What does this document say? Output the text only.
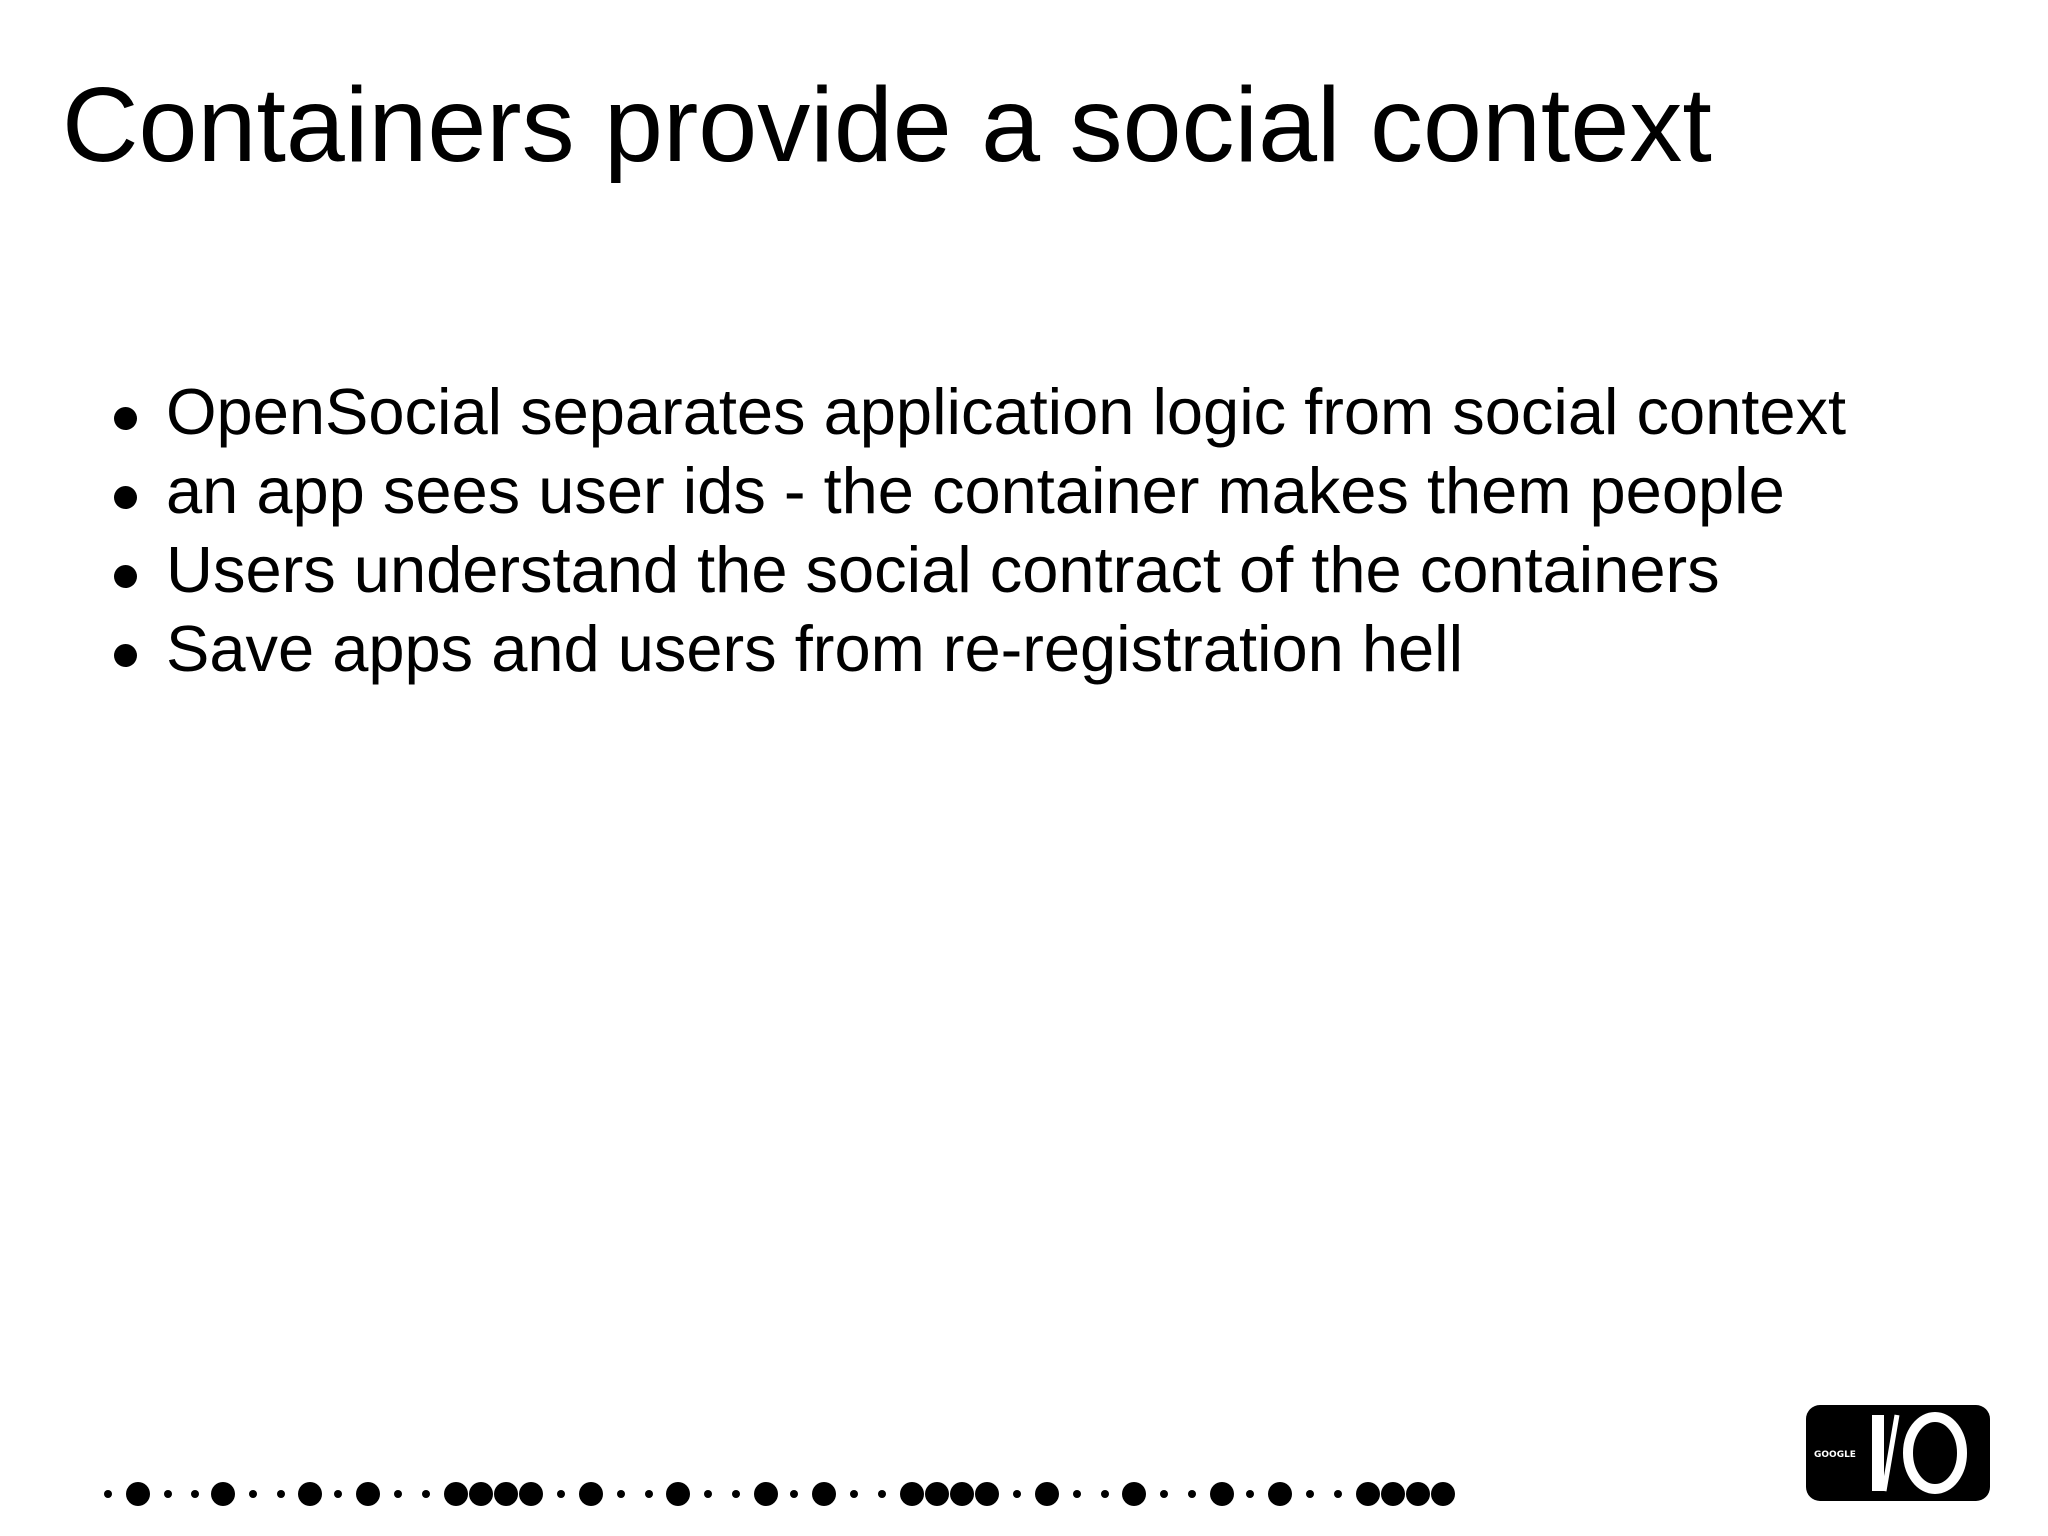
Containers provide a social context
OpenSocial separates application logic from social context
an app sees user ids - the container makes them people
Users understand the social contract of the containers
Save apps and users from re-registration hell
GOOGLE
